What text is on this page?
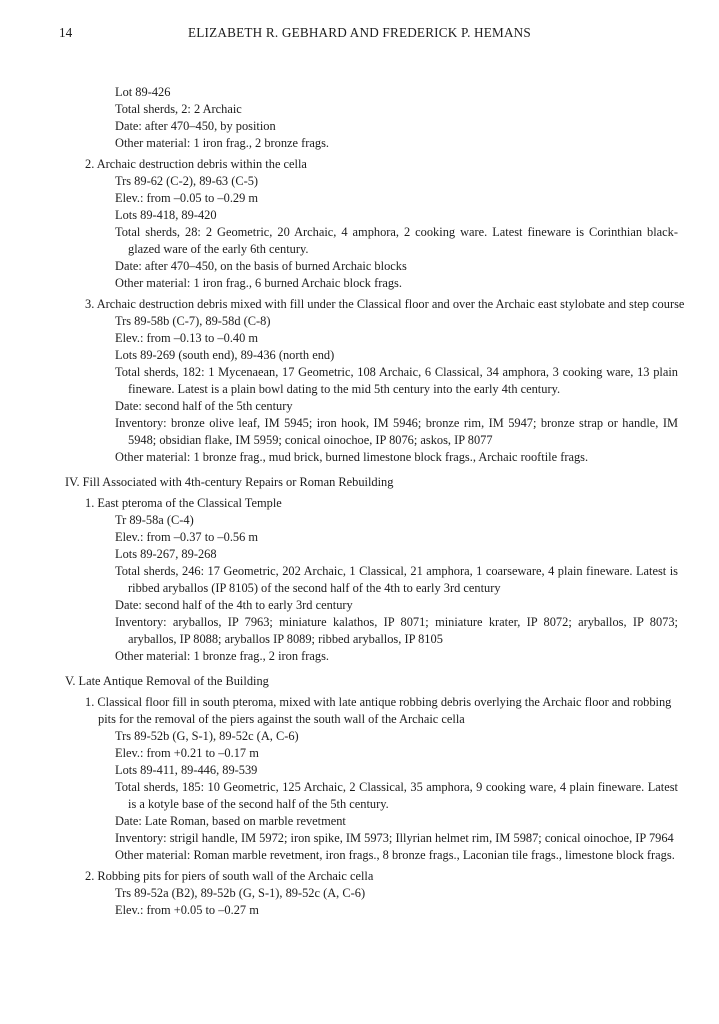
14	ELIZABETH R. GEBHARD AND FREDERICK P. HEMANS
Lot 89-426
Total sherds, 2: 2 Archaic
Date: after 470–450, by position
Other material: 1 iron frag., 2 bronze frags.
2. Archaic destruction debris within the cella
Trs 89-62 (C-2), 89-63 (C-5)
Elev.: from –0.05 to –0.29 m
Lots 89-418, 89-420
Total sherds, 28: 2 Geometric, 20 Archaic, 4 amphora, 2 cooking ware. Latest fineware is Corinthian black-glazed ware of the early 6th century.
Date: after 470–450, on the basis of burned Archaic blocks
Other material: 1 iron frag., 6 burned Archaic block frags.
3. Archaic destruction debris mixed with fill under the Classical floor and over the Archaic east stylobate and step course
Trs 89-58b (C-7), 89-58d (C-8)
Elev.: from –0.13 to –0.40 m
Lots 89-269 (south end), 89-436 (north end)
Total sherds, 182: 1 Mycenaean, 17 Geometric, 108 Archaic, 6 Classical, 34 amphora, 3 cooking ware, 13 plain fineware. Latest is a plain bowl dating to the mid 5th century into the early 4th century.
Date: second half of the 5th century
Inventory: bronze olive leaf, IM 5945; iron hook, IM 5946; bronze rim, IM 5947; bronze strap or handle, IM 5948; obsidian flake, IM 5959; conical oinochoe, IP 8076; askos, IP 8077
Other material: 1 bronze frag., mud brick, burned limestone block frags., Archaic rooftile frags.
IV. Fill Associated with 4th-century Repairs or Roman Rebuilding
1. East pteroma of the Classical Temple
Tr 89-58a (C-4)
Elev.: from –0.37 to –0.56 m
Lots 89-267, 89-268
Total sherds, 246: 17 Geometric, 202 Archaic, 1 Classical, 21 amphora, 1 coarseware, 4 plain fineware. Latest is ribbed aryballos (IP 8105) of the second half of the 4th to early 3rd century
Date: second half of the 4th to early 3rd century
Inventory: aryballos, IP 7963; miniature kalathos, IP 8071; miniature krater, IP 8072; aryballos, IP 8073; aryballos, IP 8088; aryballos IP 8089; ribbed aryballos, IP 8105
Other material: 1 bronze frag., 2 iron frags.
V. Late Antique Removal of the Building
1. Classical floor fill in south pteroma, mixed with late antique robbing debris overlying the Archaic floor and robbing pits for the removal of the piers against the south wall of the Archaic cella
Trs 89-52b (G, S-1), 89-52c (A, C-6)
Elev.: from +0.21 to –0.17 m
Lots 89-411, 89-446, 89-539
Total sherds, 185: 10 Geometric, 125 Archaic, 2 Classical, 35 amphora, 9 cooking ware, 4 plain fineware. Latest is a kotyle base of the second half of the 5th century.
Date: Late Roman, based on marble revetment
Inventory: strigil handle, IM 5972; iron spike, IM 5973; Illyrian helmet rim, IM 5987; conical oinochoe, IP 7964
Other material: Roman marble revetment, iron frags., 8 bronze frags., Laconian tile frags., limestone block frags.
2. Robbing pits for piers of south wall of the Archaic cella
Trs 89-52a (B2), 89-52b (G, S-1), 89-52c (A, C-6)
Elev.: from +0.05 to –0.27 m
